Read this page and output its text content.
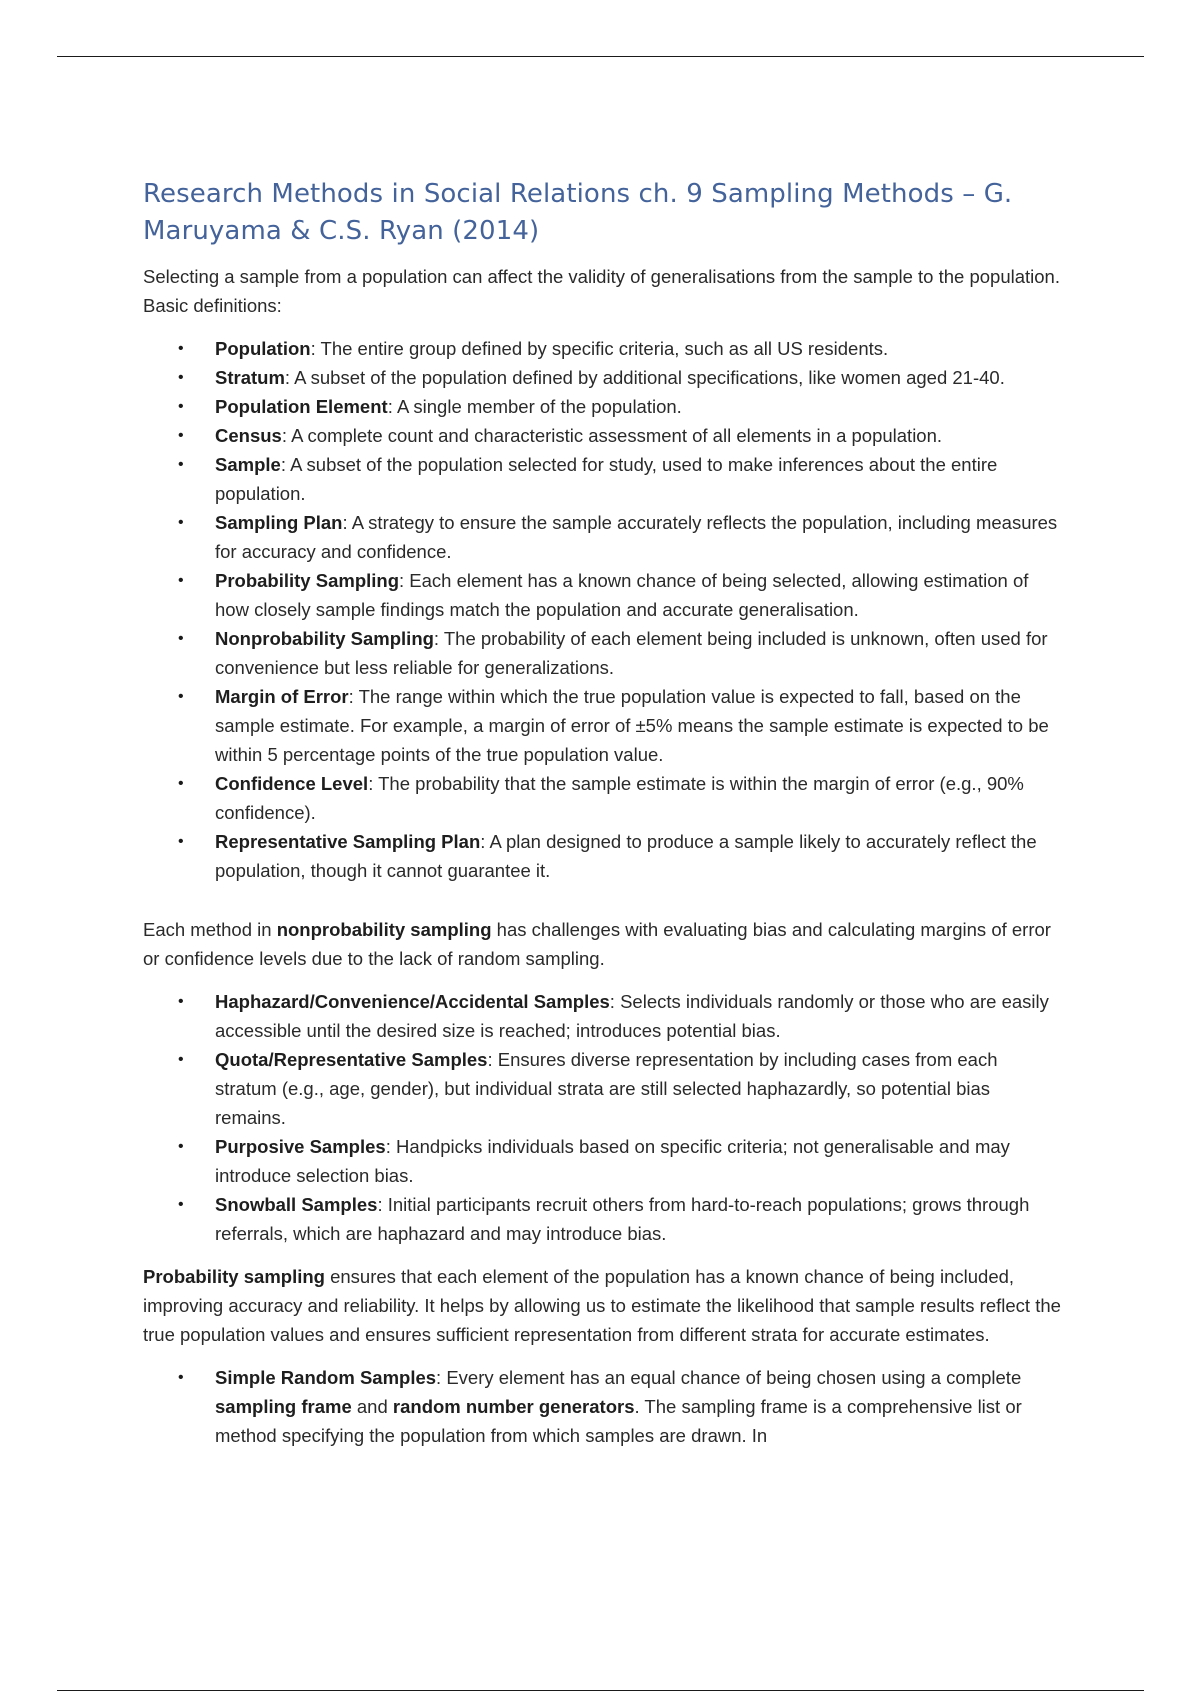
Research Methods in Social Relations ch. 9 Sampling Methods – G. Maruyama & C.S. Ryan (2014)

Selecting a sample from a population can affect the validity of generalisations from the sample to the population. Basic definitions:

• Population: The entire group defined by specific criteria, such as all US residents.
• Stratum: A subset of the population defined by additional specifications, like women aged 21-40.
• Population Element: A single member of the population.
• Census: A complete count and characteristic assessment of all elements in a population.
• Sample: A subset of the population selected for study, used to make inferences about the entire population.
• Sampling Plan: A strategy to ensure the sample accurately reflects the population, including measures for accuracy and confidence.
• Probability Sampling: Each element has a known chance of being selected, allowing estimation of how closely sample findings match the population and accurate generalisation.
• Nonprobability Sampling: The probability of each element being included is unknown, often used for convenience but less reliable for generalizations.
• Margin of Error: The range within which the true population value is expected to fall, based on the sample estimate. For example, a margin of error of ±5% means the sample estimate is expected to be within 5 percentage points of the true population value.
• Confidence Level: The probability that the sample estimate is within the margin of error (e.g., 90% confidence).
• Representative Sampling Plan: A plan designed to produce a sample likely to accurately reflect the population, though it cannot guarantee it.

Each method in nonprobability sampling has challenges with evaluating bias and calculating margins of error or confidence levels due to the lack of random sampling.

• Haphazard/Convenience/Accidental Samples: Selects individuals randomly or those who are easily accessible until the desired size is reached; introduces potential bias.
• Quota/Representative Samples: Ensures diverse representation by including cases from each stratum (e.g., age, gender), but individual strata are still selected haphazardly, so potential bias remains.
• Purposive Samples: Handpicks individuals based on specific criteria; not generalisable and may introduce selection bias.
• Snowball Samples: Initial participants recruit others from hard-to-reach populations; grows through referrals, which are haphazard and may introduce bias.

Probability sampling ensures that each element of the population has a known chance of being included, improving accuracy and reliability. It helps by allowing us to estimate the likelihood that sample results reflect the true population values and ensures sufficient representation from different strata for accurate estimates.

• Simple Random Samples: Every element has an equal chance of being chosen using a complete sampling frame and random number generators. The sampling frame is a comprehensive list or method specifying the population from which samples are drawn. In
